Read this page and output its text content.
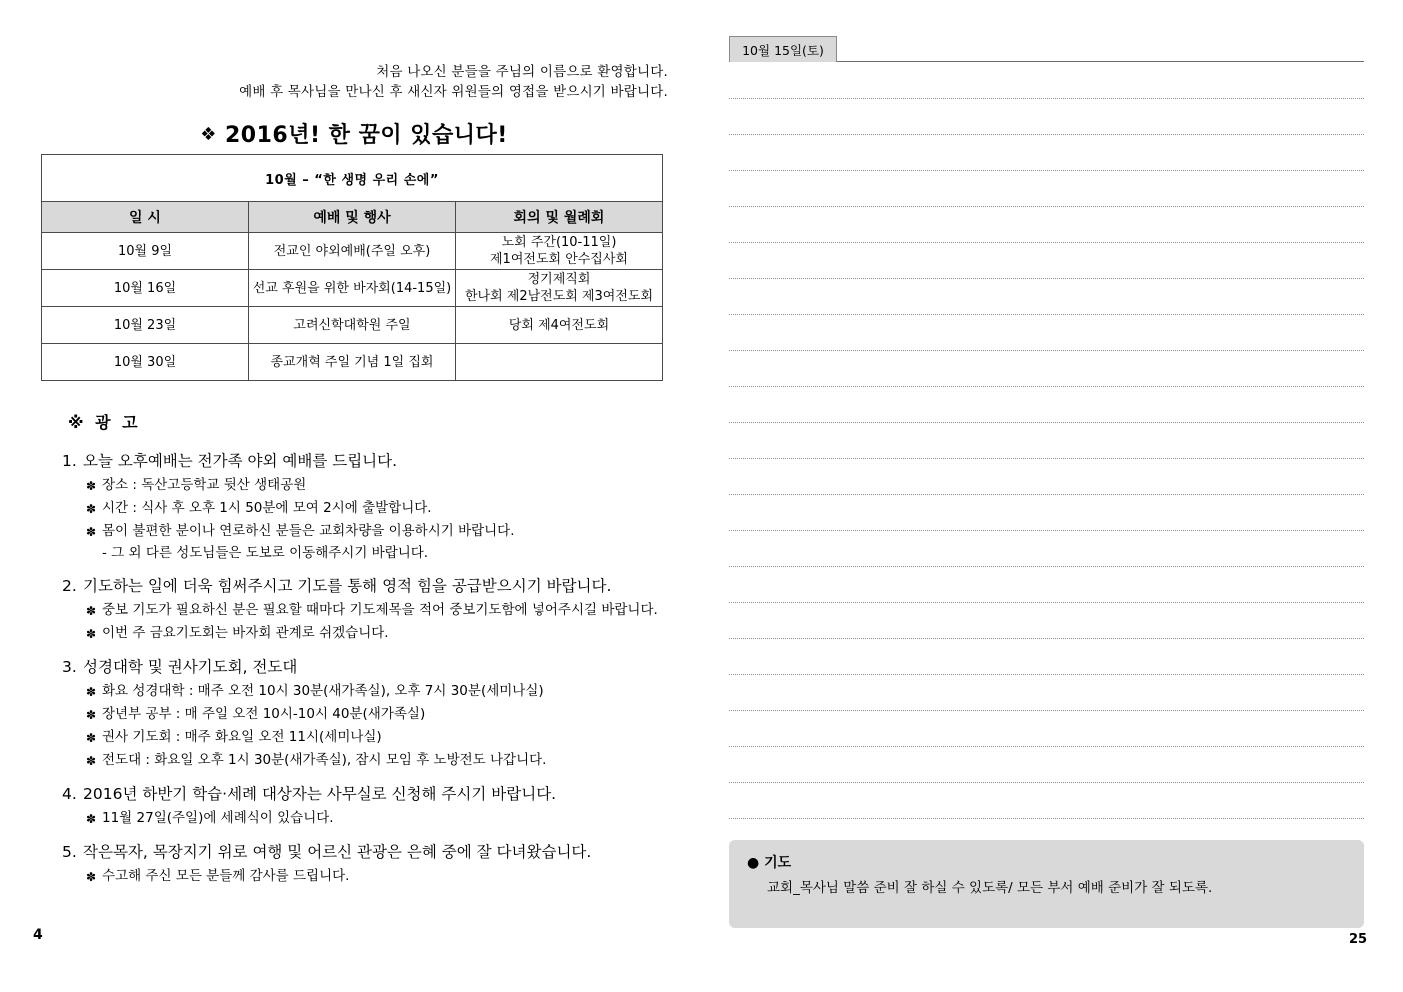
처음 나오신 분들을 주님의 이름으로 환영합니다.
예배 후 목사님을 만나신 후 새신자 위원들의 영접을 받으시기 바랍니다.
❖ 2016년! 한 꿈이 있습니다!
10월 – “한 생명 우리 손에”		
일 시	예배 및 행사	회의 및 월례회
10월 9일	전교인 야외예배(주일 오후)	노회 주간(10-11일)
제1여전도회 안수집사회

10월 16일	선교 후원을 위한 바자회(14-15일)	정기제직회
한나회 제2남전도회 제3여전도회

10월 23일	고려신학대학원 주일	당회 제4여전도회
10월 30일	종교개혁 주일 기념 1일 집회	
※ 광 고
1. 오늘 오후예배는 전가족 야외 예배를 드립니다.
✽ 장소 : 독산고등학교 뒷산 생태공원
✽ 시간 : 식사 후 오후 1시 50분에 모여 2시에 출발합니다.
✽ 몸이 불편한 분이나 연로하신 분들은 교회차량을 이용하시기 바랍니다.
- 그 외 다른 성도님들은 도보로 이동해주시기 바랍니다.
2. 기도하는 일에 더욱 힘써주시고 기도를 통해 영적 힘을 공급받으시기 바랍니다.
✽ 중보 기도가 필요하신 분은 필요할 때마다 기도제목을 적어 중보기도함에 넣어주시길 바랍니다.
✽ 이번 주 금요기도회는 바자회 관계로 쉬겠습니다.
3. 성경대학 및 권사기도회, 전도대
✽ 화요 성경대학 : 매주 오전 10시 30분(새가족실), 오후 7시 30분(세미나실)
✽ 장년부 공부 : 매 주일 오전 10시-10시 40분(새가족실)
✽ 권사 기도회 : 매주 화요일 오전 11시(세미나실)
✽ 전도대 : 화요일 오후 1시 30분(새가족실), 잠시 모임 후 노방전도 나갑니다.
4. 2016년 하반기 학습·세례 대상자는 사무실로 신청해 주시기 바랍니다.
✽ 11월 27일(주일)에 세례식이 있습니다.
5. 작은목자, 목장지기 위로 여행 및 어르신 관광은 은혜 중에 잘 다녀왔습니다.
✽ 수고해 주신 모든 분들께 감사를 드립니다.
4
10월 15일(토)
● 기도
교회_목사님 말씀 준비 잘 하실 수 있도록/ 모든 부서 예배 준비가 잘 되도록.
25
